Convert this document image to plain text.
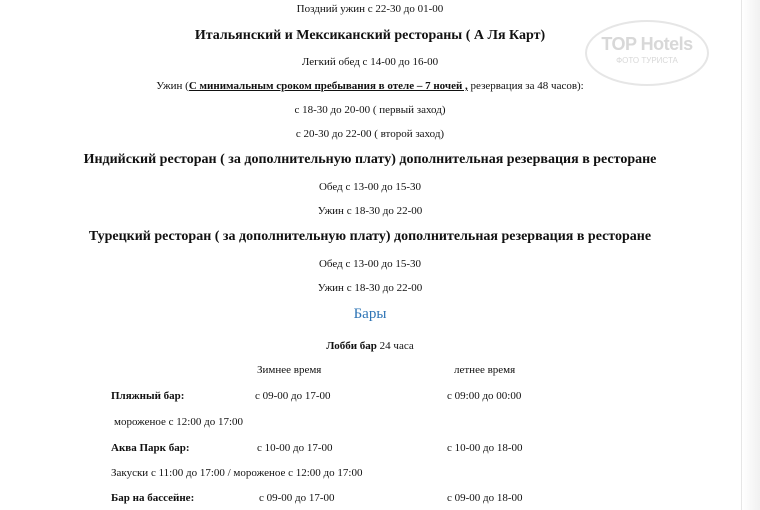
TOP Hotels
ФОТО ТУРИСТА
Поздний ужин с 22-30 до 01-00
Итальянский и Мексиканский рестораны ( А Ля Карт)
Легкий обед с 14-00 до 16-00
Ужин (С минимальным сроком пребывания в отеле – 7 ночей , резервация за 48 часов):
с 18-30 до 20-00 ( первый заход)
с 20-30 до 22-00 ( второй заход)
Индийский ресторан ( за дополнительную плату) дополнительная резервация в ресторане
Обед с 13-00 до 15-30
Ужин с 18-30 до 22-00
Турецкий ресторан ( за дополнительную плату) дополнительная резервация в ресторане
Обед с 13-00 до 15-30
Ужин с 18-30 до 22-00
Бары
Лобби бар 24 часа
Зимнее время	летнее время
Пляжный бар:	с 09-00 до 17-00	с 09:00 до 00:00
мороженое с 12:00 до 17:00
Аква Парк бар:	с 10-00 до 17-00	с 10-00 до 18-00
Закуски с 11:00 до 17:00 / мороженое с 12:00 до 17:00
Бар на бассейне:	с 09-00 до 17-00	с 09-00 до 18-00
